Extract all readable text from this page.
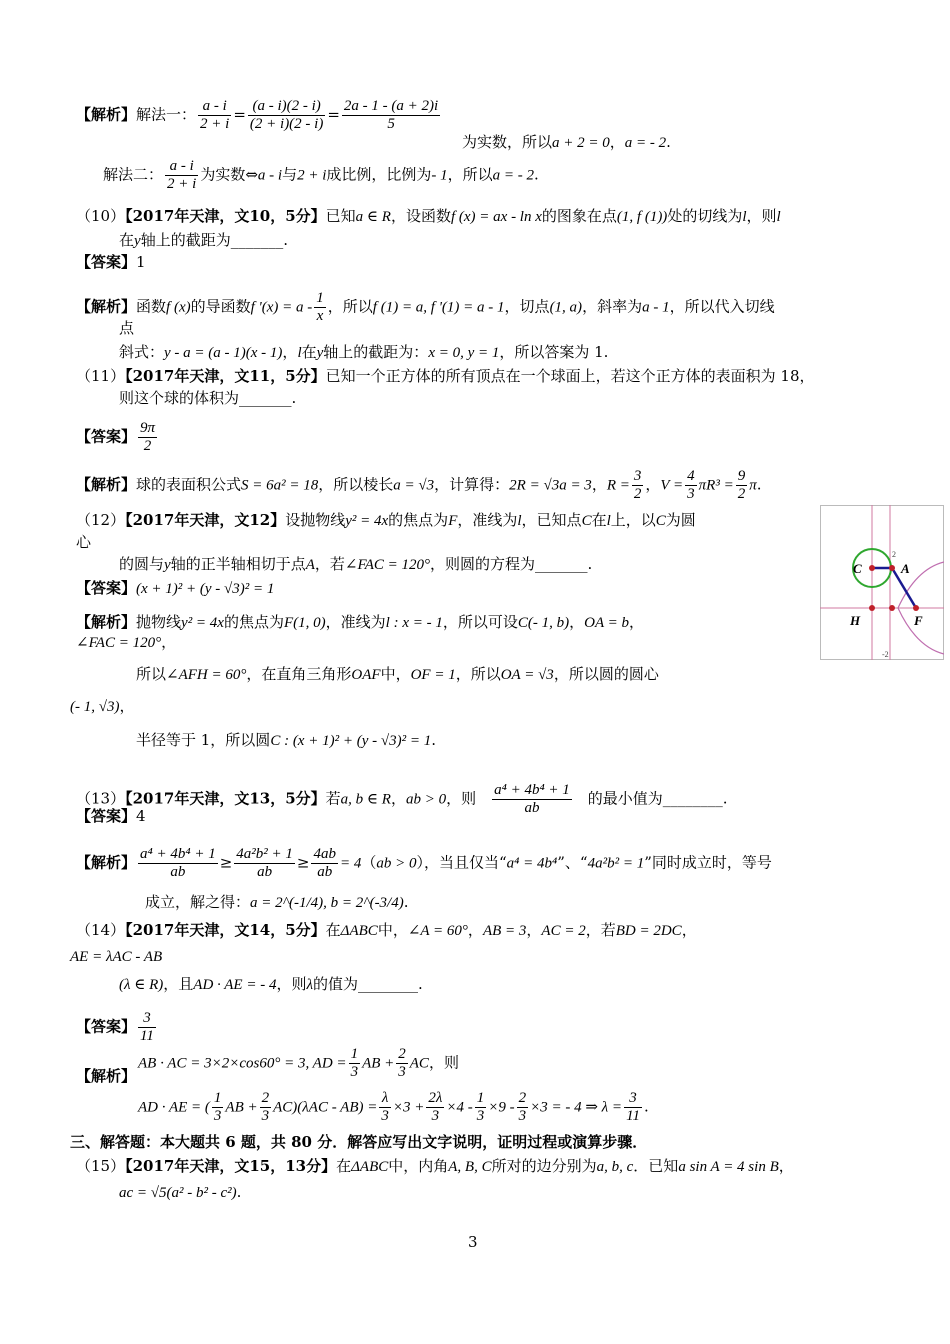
【解析】解法一： $\frac{a - i}{2 + i} = \frac{(a - i)(2 - i)}{(2 + i)(2 - i)} = \frac{2a - 1 - (a + 2)i}{5}$
为实数，所以a + 2 = 0，a = - 2.
解法二： $\frac{a - i}{2 + i}$ 为实数⇔a - i与2 + i成比例，比例为- 1，所以a = - 2.
（10）【2017年天津，文10，5分】已知a ∈ R，设函数f (x) = ax - ln x的图象在点(1, f (1))处的切线为l，则l
在y轴上的截距为_______.
【答案】1
【解析】函数f (x)的导函数f '$(x) = a - \frac{1}{x}$ ，所以f (1) = a, f '(1) = a - 1，切点(1, a)，斜率为a - 1，所以代入切线
点
斜式：y - a = (a - 1)(x - 1)，l在y轴上的截距为：x = 0, y = 1，所以答案为 1.
（11）【2017年天津，文11，5分】已知一个正方体的所有顶点在一个球面上，若这个正方体的表面积为 18，
则这个球的体积为_______.
【答案】 $\frac{9\pi}{2}$
【解析】球的表面积公式S = 6a² = 18，所以棱长a = √3，计算得：2R = √3a = 3，$R = \frac{3}{2}$ ，$V = \frac{4}{3} \pi R^3 = \frac{9}{2} \pi$.
（12）【2017年天津，文12】设抛物线y² = 4x的焦点为F，准线为l，已知点C在l上，以C为圆
心
的圆与y轴的正半轴相切于点A，若∠FAC = 120°，则圆的方程为_______.
【答案】(x + 1)² + (y - √3)² = 1
【解析】抛物线y² = 4x的焦点为F(1, 0)，准线为l : x = - 1，所以可设C(- 1, b)，OA = b，
∠FAC = 120°，
所以∠AFH = 60°，在直角三角形OAF中，OF = 1，所以OA = √3，所以圆的圆心
(- 1, √3)，
半径等于 1，所以圆C : (x + 1)² + (y - √3)² = 1.
C	A
H	F
2
-2
（13）【2017年天津，文13，5分】若a, b ∈ R，ab > 0，则 $\frac{\text{a⁴ + 4b⁴ + 1}}{ab}$ 的最小值为________.
【答案】4
【解析】 $\frac{\text{a⁴ + 4b⁴ + 1}}{ab} \ge \frac{\text{4a²b² + 1}}{ab} \ge \frac{4ab}{ab} = 4(ab > 0)$，当且仅当“a⁴ = 4b⁴”、“4a²b² = 1”同时成立时，等号
成立，解之得：a = 2^(-1/4), b = 2^(-3/4).
（14）【2017年天津，文14，5分】在ΔABC中，∠A = 60°，AB = 3，AC = 2，若BD = 2DC，
AE = λAC - AB
(λ ∈ R)，且AD · AE = - 4，则λ的值为________.
【答案】 $\frac{3}{11}$
AB · AC = 3×2×cos60° = 3, AD = $\frac{1}{3}$ AB + $\frac{2}{3}$ AC，则
【解析】
AD · AE = ( $\frac{1}{3}$ AB + $\frac{2}{3} AC)(\lambda AC - AB) = \frac{\lambda}{3} \times 3 + \frac{2\lambda}{3} \times 4 - \frac{1}{3} \times 9 - \frac{2}{3} \times 3$ = - 4 ⇒ $\lambda = \frac{3}{11}$ .
三、解答题：本大题共 6 题，共 80 分．解答应写出文字说明，证明过程或演算步骤．
（15）【2017年天津，文15，13分】在ΔABC中，内角A, B, C所对的边分别为a, b, c．已知a sin A = 4 sin B，
ac = √5(a² - b² - c²).
3
